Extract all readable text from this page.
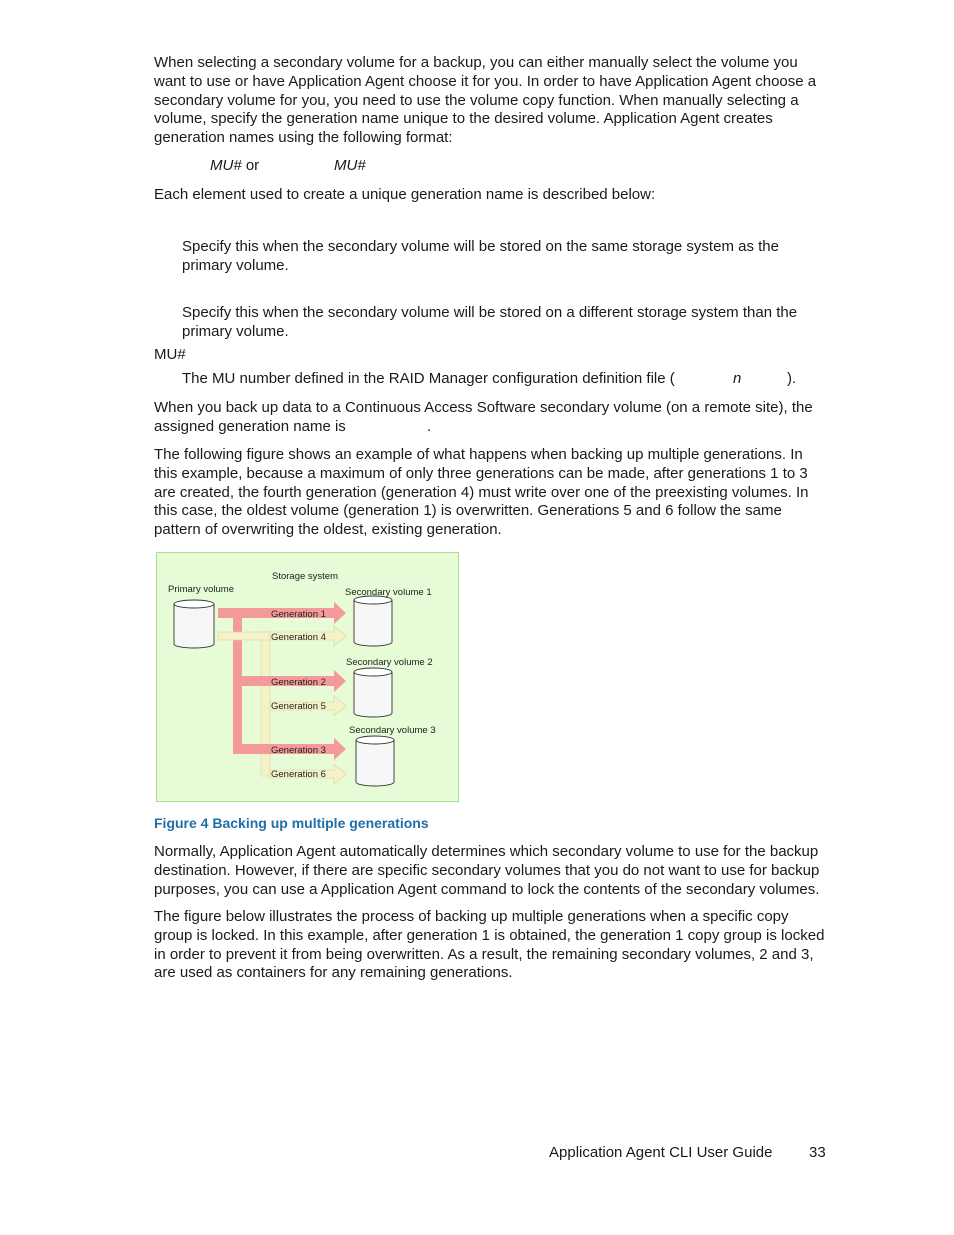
When selecting a secondary volume for a backup, you can either manually select the volume you want to use or have Application Agent choose it for you. In order to have Application Agent choose a secondary volume for you, you need to use the volume copy function. When manually selecting a volume, specify the generation name unique to the desired volume. Application Agent creates generation names using the following format:

MU# or	MU#

Each element used to create a unique generation name is described below:

Specify this when the secondary volume will be stored on the same storage system as the primary volume.

Specify this when the secondary volume will be stored on a different storage system than the primary volume.

MU#
The MU number defined in the RAID Manager configuration definition file (	n	).

When you back up data to a Continuous Access Software secondary volume (on a remote site), the assigned generation name is	.

The following figure shows an example of what happens when backing up multiple generations. In this example, because a maximum of only three generations can be made, after generations 1 to 3 are created, the fourth generation (generation 4) must write over one of the preexisting volumes. In this case, the oldest volume (generation 1) is overwritten. Generations 5 and 6 follow the same pattern of overwriting the oldest, existing generation.

Storage system
Primary volume	Secondary volume 1
Secondary volume 2
Secondary volume 3
Generation 1
Generation 4
Generation 2
Generation 5
Generation 3
Generation 6
Figure 4 Backing up multiple generations

Normally, Application Agent automatically determines which secondary volume to use for the backup destination. However, if there are specific secondary volumes that you do not want to use for backup purposes, you can use a Application Agent command to lock the contents of the secondary volumes.

The figure below illustrates the process of backing up multiple generations when a specific copy group is locked. In this example, after generation 1 is obtained, the generation 1 copy group is locked in order to prevent it from being overwritten. As a result, the remaining secondary volumes, 2 and 3, are used as containers for any remaining generations.

Application Agent CLI User Guide 33
